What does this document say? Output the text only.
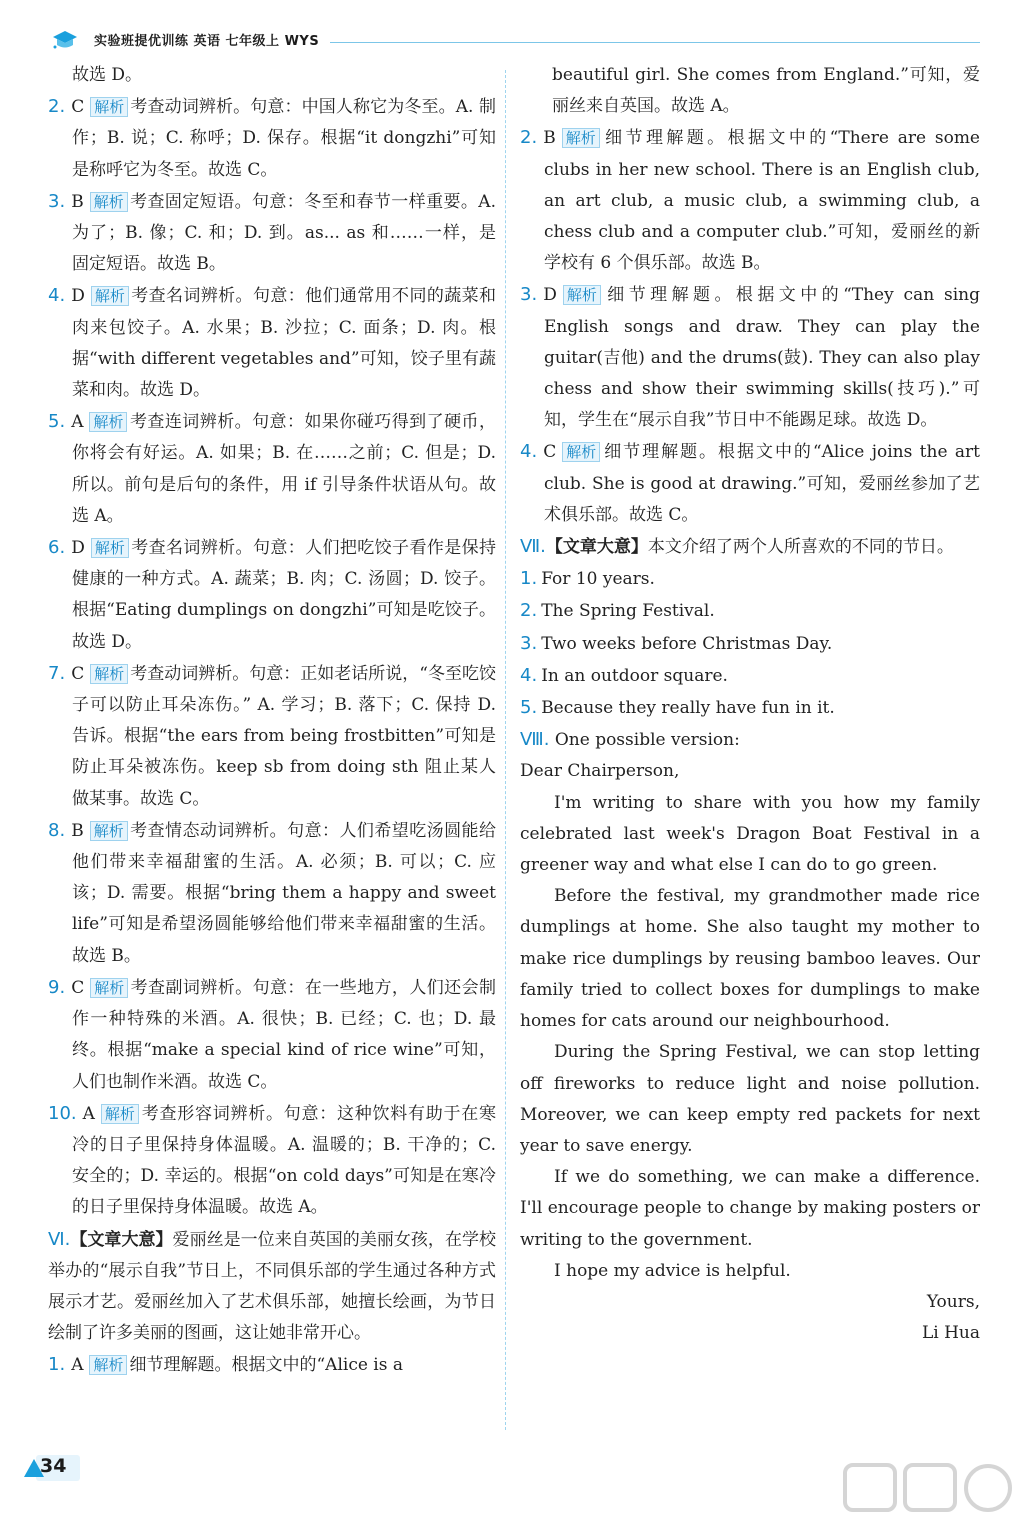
实验班提优训练 英语 七年级上 WYS

故选 D。

2. C 解析 考查动词辨析。句意：中国人称它为冬至。A. 制作；B. 说；C. 称呼；D. 保存。根据“it dongzhi”可知是称呼它为冬至。故选 C。

3. B 解析 考查固定短语。句意：冬至和春节一样重要。A. 为了；B. 像；C. 和；D. 到。as... as 和……一样，是固定短语。故选 B。

4. D 解析 考查名词辨析。句意：他们通常用不同的蔬菜和肉来包饺子。A. 水果；B. 沙拉；C. 面条；D. 肉。根据“with different vegetables and”可知，饺子里有蔬菜和肉。故选 D。

5. A 解析 考查连词辨析。句意：如果你碰巧得到了硬币，你将会有好运。A. 如果；B. 在……之前；C. 但是；D. 所以。前句是后句的条件，用 if 引导条件状语从句。故选 A。

6. D 解析 考查名词辨析。句意：人们把吃饺子看作是保持健康的一种方式。A. 蔬菜；B. 肉；C. 汤圆；D. 饺子。根据“Eating dumplings on dongzhi”可知是吃饺子。故选 D。

7. C 解析 考查动词辨析。句意：正如老话所说，“冬至吃饺子可以防止耳朵冻伤。” A. 学习；B. 落下；C. 保持 D. 告诉。根据“the ears from being frostbitten”可知是防止耳朵被冻伤。keep sb from doing sth 阻止某人做某事。故选 C。

8. B 解析 考查情态动词辨析。句意：人们希望吃汤圆能给他们带来幸福甜蜜的生活。A. 必须；B. 可以；C. 应该；D. 需要。根据“bring them a happy and sweet life”可知是希望汤圆能够给他们带来幸福甜蜜的生活。故选 B。

9. C 解析 考查副词辨析。句意：在一些地方，人们还会制作一种特殊的米酒。A. 很快；B. 已经；C. 也；D. 最终。根据“make a special kind of rice wine”可知，人们也制作米酒。故选 C。

10. A 解析 考查形容词辨析。句意：这种饮料有助于在寒冷的日子里保持身体温暖。A. 温暖的；B. 干净的；C. 安全的；D. 幸运的。根据“on cold days”可知是在寒冷的日子里保持身体温暖。故选 A。

Ⅵ.【文章大意】爱丽丝是一位来自英国的美丽女孩，在学校举办的“展示自我”节日上，不同俱乐部的学生通过各种方式展示才艺。爱丽丝加入了艺术俱乐部，她擅长绘画，为节日绘制了许多美丽的图画，这让她非常开心。

1. A 解析 细节理解题。根据文中的“Alice is a

beautiful girl. She comes from England.”可知，爱丽丝来自英国。故选 A。

2. B 解析 细节理解题。根据文中的“There are some clubs in her new school. There is an English club, an art club, a music club, a swimming club, a chess club and a computer club.”可知，爱丽丝的新学校有 6 个俱乐部。故选 B。

3. D 解析 细节理解题。根据文中的“They can sing English songs and draw. They can play the guitar(吉他) and the drums(鼓). They can also play chess and show their swimming skills(技巧).”可知，学生在“展示自我”节日中不能踢足球。故选 D。

4. C 解析 细节理解题。根据文中的“Alice joins the art club. She is good at drawing.”可知，爱丽丝参加了艺术俱乐部。故选 C。

Ⅶ.【文章大意】本文介绍了两个人所喜欢的不同的节日。

1. For 10 years.

2. The Spring Festival.

3. Two weeks before Christmas Day.

4. In an outdoor square.

5. Because they really have fun in it.

Ⅷ. One possible version:

Dear Chairperson,

I'm writing to share with you how my family celebrated last week's Dragon Boat Festival in a greener way and what else I can do to go green.

Before the festival, my grandmother made rice dumplings at home. She also taught my mother to make rice dumplings by reusing bamboo leaves. Our family tried to collect boxes for dumplings to make homes for cats around our neighbourhood.

During the Spring Festival, we can stop letting off fireworks to reduce light and noise pollution. Moreover, we can keep empty red packets for next year to save energy.

If we do something, we can make a difference. I'll encourage people to change by making posters or writing to the government.

I hope my advice is helpful.

Yours,

Li Hua

34
